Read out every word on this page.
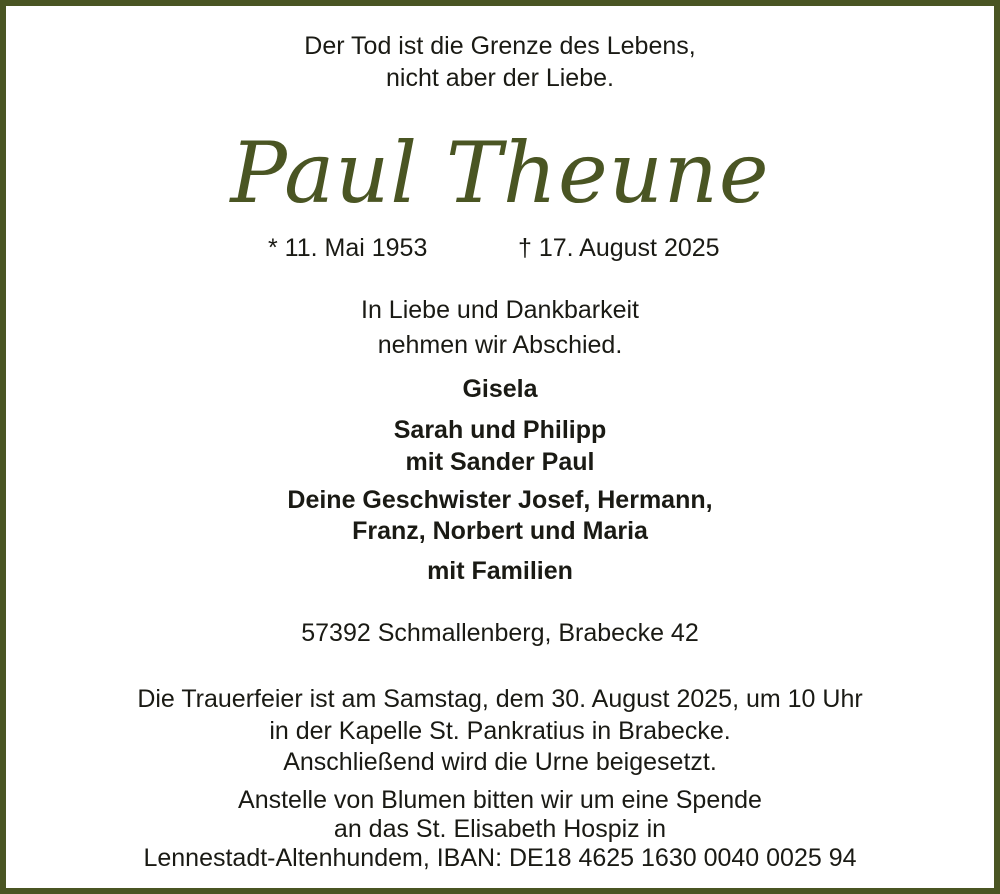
Der Tod ist die Grenze des Lebens,
nicht aber der Liebe.
Paul Theune
* 11. Mai 1953	† 17. August 2025
In Liebe und Dankbarkeit
nehmen wir Abschied.
Gisela
Sarah und Philipp
mit Sander Paul
Deine Geschwister Josef, Hermann,
Franz, Norbert und Maria
mit Familien
57392 Schmallenberg, Brabecke 42
Die Trauerfeier ist am Samstag, dem 30. August 2025, um 10 Uhr
in der Kapelle St. Pankratius in Brabecke.
Anschließend wird die Urne beigesetzt.
Anstelle von Blumen bitten wir um eine Spende
an das St. Elisabeth Hospiz in
Lennestadt-Altenhundem, IBAN: DE18 4625 1630 0040 0025 94
